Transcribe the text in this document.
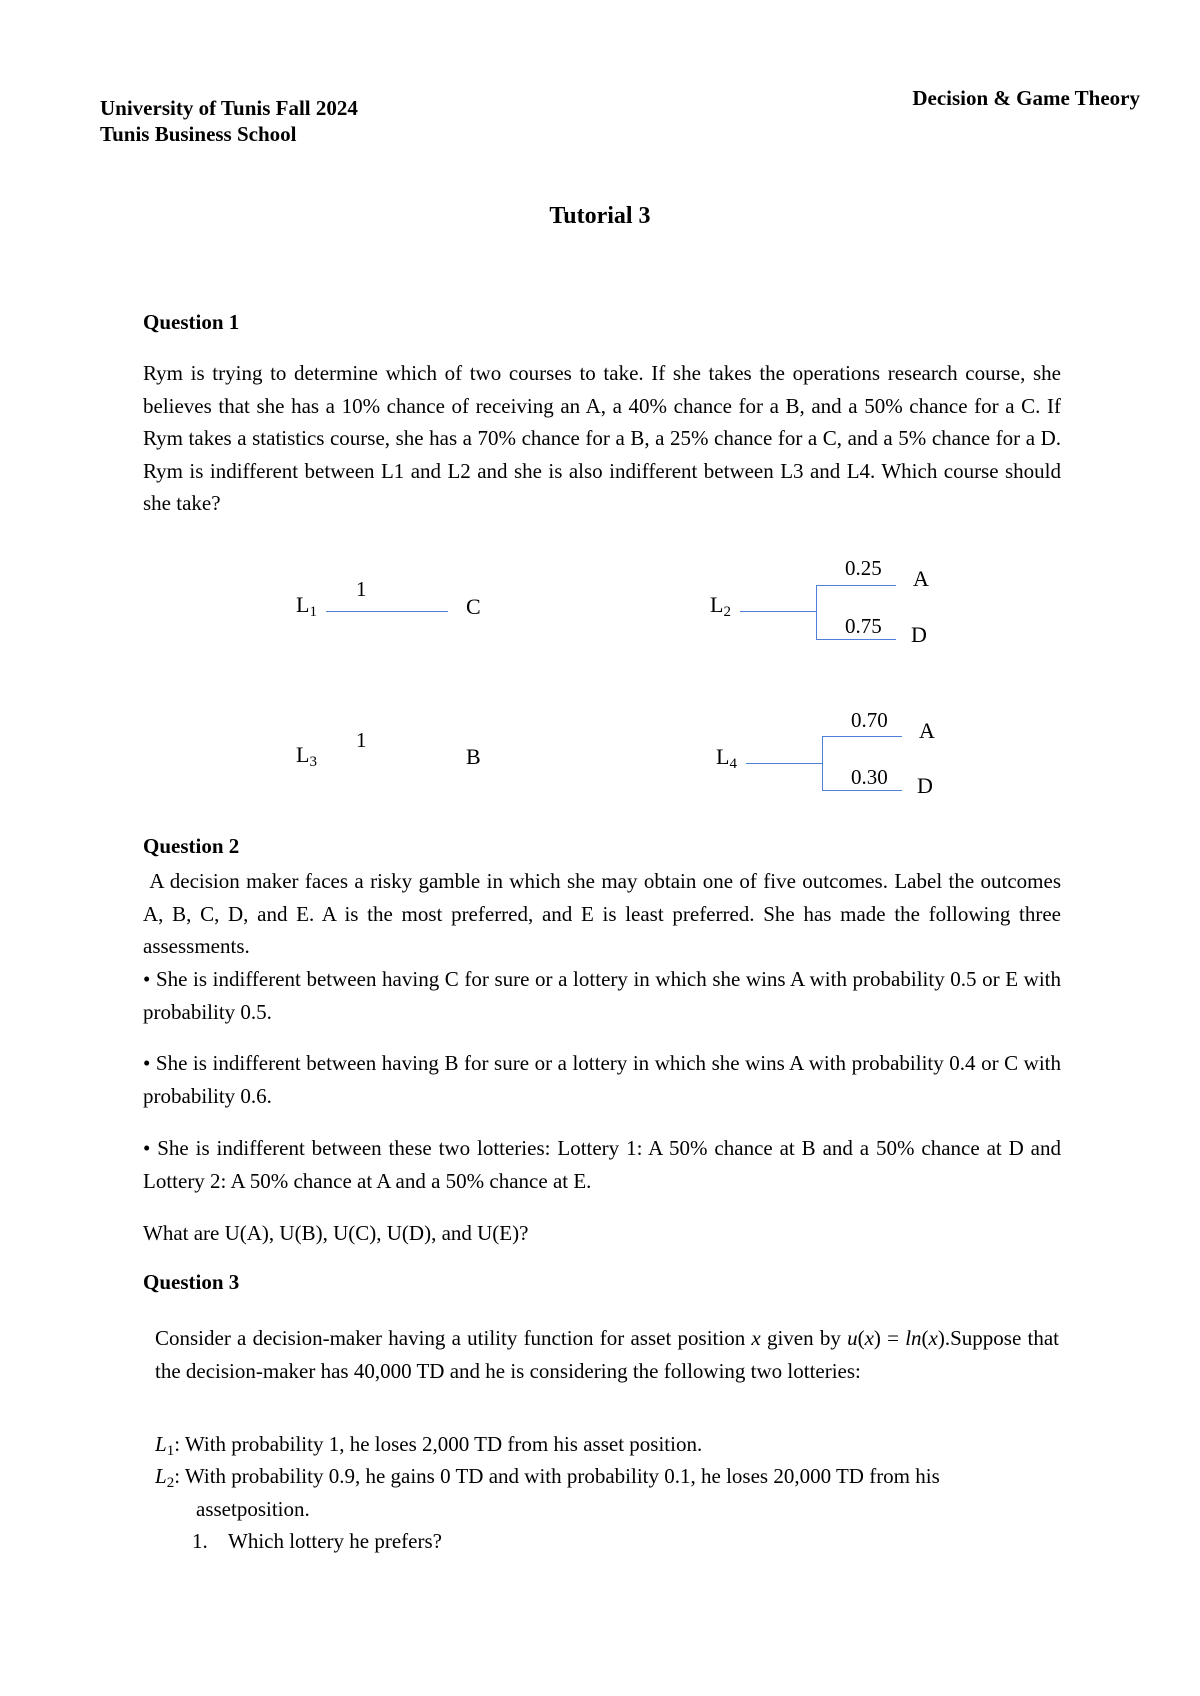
University of Tunis Fall 2024
Tunis Business School
Decision & Game Theory
Tutorial 3
Question 1
Rym is trying to determine which of two courses to take. If she takes the operations research course, she believes that she has a 10% chance of receiving an A, a 40% chance for a B, and a 50% chance for a C. If Rym takes a statistics course, she has a 70% chance for a B, a 25% chance for a C, and a 5% chance for a D. Rym is indifferent between L1 and L2 and she is also indifferent between L3 and L4. Which course should she take?
$L_1$
1
C	$L_2$
0.25
0.75
A
D
$L_3$
1
B	$L_4$
0.70
0.30
A
D
Question 2
A decision maker faces a risky gamble in which she may obtain one of five outcomes. Label the outcomes A, B, C, D, and E. A is the most preferred, and E is least preferred. She has made the following three assessments.
• She is indifferent between having C for sure or a lottery in which she wins A with probability 0.5 or E with probability 0.5.
• She is indifferent between having B for sure or a lottery in which she wins A with probability 0.4 or C with probability 0.6.
• She is indifferent between these two lotteries: Lottery 1: A 50% chance at B and a 50% chance at D and Lottery 2: A 50% chance at A and a 50% chance at E.
What are U(A), U(B), U(C), U(D), and U(E)?
Question 3
Consider a decision-maker having a utility function for asset position x given by u(x) = ln(x).Suppose that the decision-maker has 40,000 TD and he is considering the following two lotteries:
$L_1$: With probability 1, he loses 2,000 TD from his asset position.
$L_2$: With probability 0.9, he gains 0 TD and with probability 0.1, he loses 20,000 TD from his
assetposition.
1. Which lottery he prefers?
